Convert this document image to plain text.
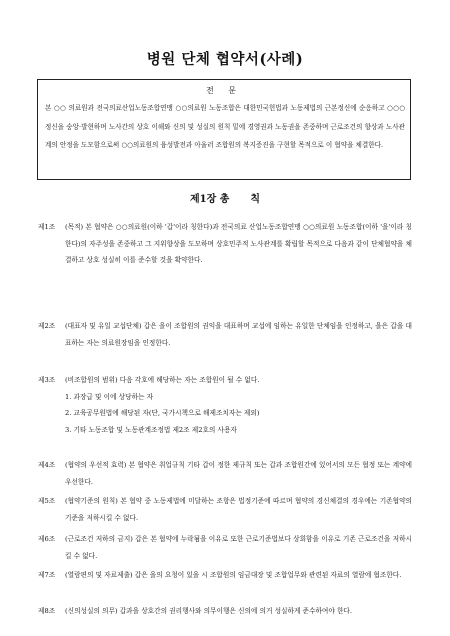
병원 단체 협약서(사례)
전 문
본 ○○ 의료원과 전국의료산업노동조합연맹 ○○의료원 노동조합은 대한민국헌법과 노동제법의 근본정신에 순응하고 ○○○정신을 숭앙·발현하며 노사간의 상호 이해와 신의 및 성실의 원칙 밑에 경영권과 노동권을 존중하며 근로조건의 향상과 노사관계의 안정을 도모함으로써 ○○의료원의 융성발전과 아울러 조합원의 복지증진을 구현할 목적으로 이 협약을 체결한다.
제1장 총      칙
제1조	(목적) 본 협약은 ○○의료원(이하 '갑'이라 칭한다)과 전국의료 산업노동조합연맹 ○○의료원 노동조합(이하 '을'이라 칭한다)의 자주성을 존중하고 그 지위향상을 도모하며 상호민주적 노사관계를 확립할 목적으로 다음과 같이 단체협약을 체결하고 상호 성실히 이를 준수할 것을 확약한다.
제2조	(대표자 및 유일 교섭단체) 갑은 을이 조합원의 권익을 대표하며 교섭에 임하는 유일한 단체임을 인정하고, 을은 갑을 대표하는 자는 의료원장임을 인정한다.
제3조	(비조합원의 범위) 다음 각호에 해당하는 자는 조합원이 될 수 없다.
1. 과장급 및 이에 상당하는 자
2. 교육공무원법에 해당된 자(단, 국가시책으로 해제조치자는 제외)
3. 기타 노동조합 및 노동관계조정법 제2조 제2호의 사용자
제4조	(협약의 우선적 효력) 본 협약은 취업규칙 기타 갑이 정한 제규칙 또는 갑과 조합원간에 있어서의 모든 협정 또는 계약에 우선한다.
제5조	(협약기준의 원칙) 본 협약 중 노동제법에 미달하는 조항은 법정기준에 따르며 협약의 경신체결의 경우에는 기존협약의 기준을 저하시킬 수 없다.
제6조	(근로조건 저하의 금지) 갑은 본 협약에 누락됨을 이유로 또한 근로기준법보다 상회함을 이유로 기존 근로조건을 저하시킬 수 없다.
제7조	(열람편의 및 자료제출) 갑은 을의 요청이 있을 시 조합원의 임금대장 및 조합업무와 관련된 자료의 열람에 협조한다.
제8조	(신의성실의 의무) 갑과을 상호간의 권리행사와 의무이행은 신의에 의거 성실하게 준수하여야 한다.
